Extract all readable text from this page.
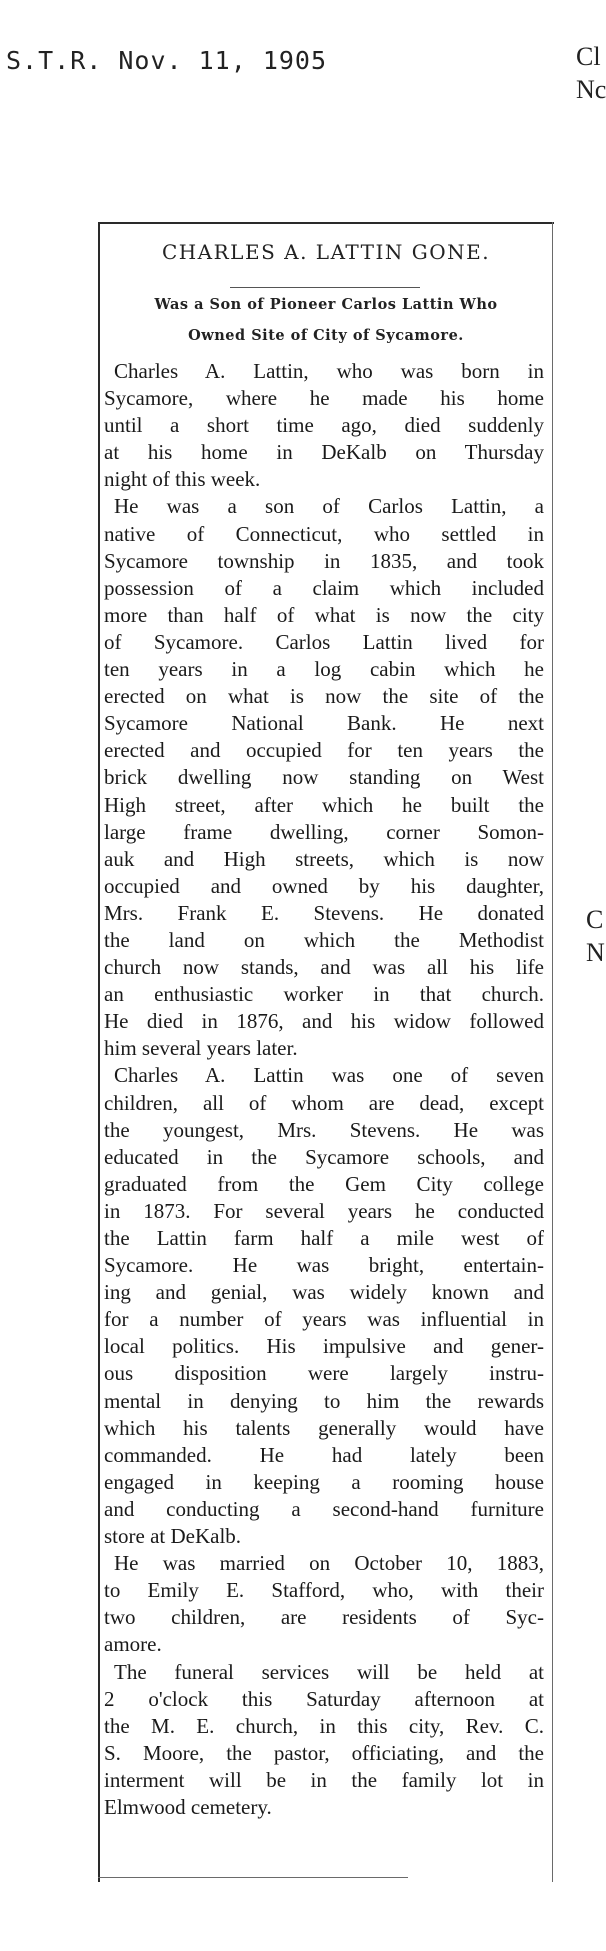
S.T.R. Nov. 11, 1905	Cl
Nc
C
N
CHARLES A. LATTIN GONE.
Was a Son of Pioneer Carlos Lattin Who
Owned Site of City of Sycamore.
Charles A. Lattin, who was born in
Sycamore, where he made his home
until a short time ago, died suddenly
at his home in DeKalb on Thursday
night of this week.
He was a son of Carlos Lattin, a
native of Connecticut, who settled in
Sycamore township in 1835, and took
possession of a claim which included
more than half of what is now the city
of Sycamore. Carlos Lattin lived for
ten years in a log cabin which he
erected on what is now the site of the
Sycamore National Bank. He next
erected and occupied for ten years the
brick dwelling now standing on West
High street, after which he built the
large frame dwelling, corner Somon-
auk and High streets, which is now
occupied and owned by his daughter,
Mrs. Frank E. Stevens. He donated
the land on which the Methodist
church now stands, and was all his life
an enthusiastic worker in that church.
He died in 1876, and his widow followed
him several years later.
Charles A. Lattin was one of seven
children, all of whom are dead, except
the youngest, Mrs. Stevens. He was
educated in the Sycamore schools, and
graduated from the Gem City college
in 1873. For several years he conducted
the Lattin farm half a mile west of
Sycamore. He was bright, entertain-
ing and genial, was widely known and
for a number of years was influential in
local politics. His impulsive and gener-
ous disposition were largely instru-
mental in denying to him the rewards
which his talents generally would have
commanded. He had lately been
engaged in keeping a rooming house
and conducting a second-hand furniture
store at DeKalb.
He was married on October 10, 1883,
to Emily E. Stafford, who, with their
two children, are residents of Syc-
amore.
The funeral services will be held at
2 o'clock this Saturday afternoon at
the M. E. church, in this city, Rev. C.
S. Moore, the pastor, officiating, and the
interment will be in the family lot in
Elmwood cemetery.
